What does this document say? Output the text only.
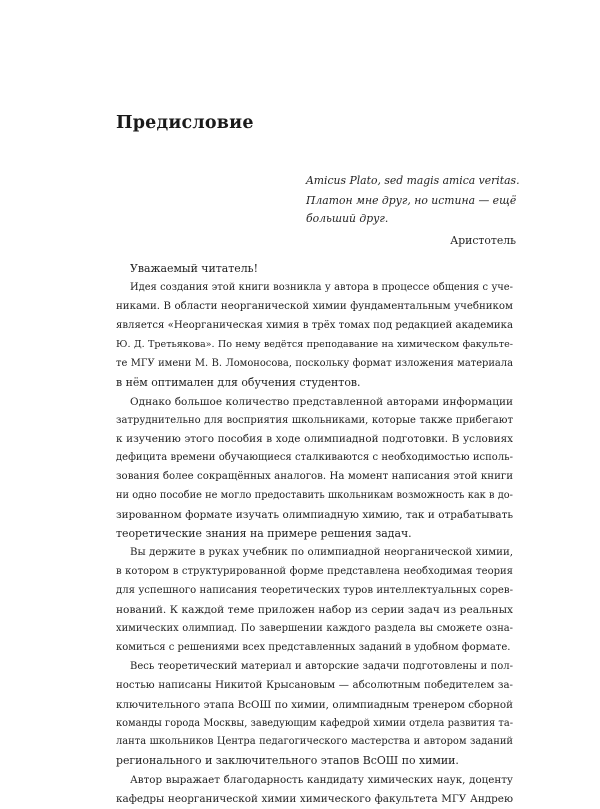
Предисловие
Amicus Plato, sed magis amica veritas.
Платон мне друг, но истина — ещё
больший друг.
Аристотель
Уважаемый читатель!
Идея создания этой книги возникла у автора в процессе общения с уче-
никами. В области неорганической химии фундаментальным учебником
является «Неорганическая химия в трёх томах под редакцией академика
Ю. Д. Третьякова». По нему ведётся преподавание на химическом факульте-
те МГУ имени М. В. Ломоносова, поскольку формат изложения материала
в нём оптимален для обучения студентов.
Однако большое количество представленной авторами информации
затруднительно для восприятия школьниками, которые также прибегают
к изучению этого пособия в ходе олимпиадной подготовки. В условиях
дефицита времени обучающиеся сталкиваются с необходимостью исполь-
зования более сокращённых аналогов. На момент написания этой книги
ни одно пособие не могло предоставить школьникам возможность как в до-
зированном формате изучать олимпиадную химию, так и отрабатывать
теоретические знания на примере решения задач.
Вы держите в руках учебник по олимпиадной неорганической химии,
в котором в структурированной форме представлена необходимая теория
для успешного написания теоретических туров интеллектуальных сорев-
нований. К каждой теме приложен набор из серии задач из реальных
химических олимпиад. По завершении каждого раздела вы сможете озна-
комиться с решениями всех представленных заданий в удобном формате.
Весь теоретический материал и авторские задачи подготовлены и пол-
ностью написаны Никитой Крысановым — абсолютным победителем за-
ключительного этапа ВсОШ по химии, олимпиадным тренером сборной
команды города Москвы, заведующим кафедрой химии отдела развития та-
ланта школьников Центра педагогического мастерства и автором заданий
регионального и заключительного этапов ВсОШ по химии.
Автор выражает благодарность кандидату химических наук, доценту
кафедры неорганической химии химического факультета МГУ Андрею
